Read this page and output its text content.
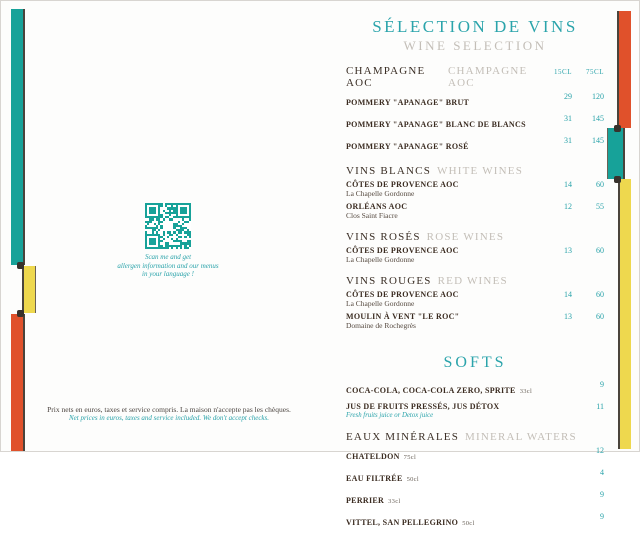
Scan me and get
allergen information and our menus
in your language !
Prix nets en euros, taxes et service compris. La maison n'accepte pas les chèques.
Net prices in euros, taxes and service included. We don't accept checks.
SÉLECTION DE VINS
WINE SELECTION
CHAMPAGNE AOC
CHAMPAGNE AOC
15CL	75CL
POMMERY "APANAGE" BRUT
29	120
POMMERY "APANAGE" BLANC DE BLANCS
31	145
POMMERY "APANAGE" ROSÉ
31	145
VINS BLANCS WHITE WINES
CÔTES DE PROVENCE AOC
La Chapelle Gordonne
14	60
ORLÉANS AOC
Clos Saint Fiacre
12	55
VINS ROSÉS ROSE WINES
CÔTES DE PROVENCE AOC
La Chapelle Gordonne
13	60
VINS ROUGES RED WINES
CÔTES DE PROVENCE AOC
La Chapelle Gordonne
14	60
MOULIN À VENT "LE ROC"
Domaine de Rochegrès
13	60
SOFTS
COCA-COLA, COCA-COLA ZERO, SPRITE 33cl
9
JUS DE FRUITS PRESSÉS, JUS DÉTOX
Fresh fruits juice or Detox juice
11
EAUX MINÉRALES MINERAL WATERS
CHATELDON 75cl
12
EAU FILTRÉE 50cl
4
PERRIER 33cl
9
VITTEL, SAN PELLEGRINO 50cl
9
